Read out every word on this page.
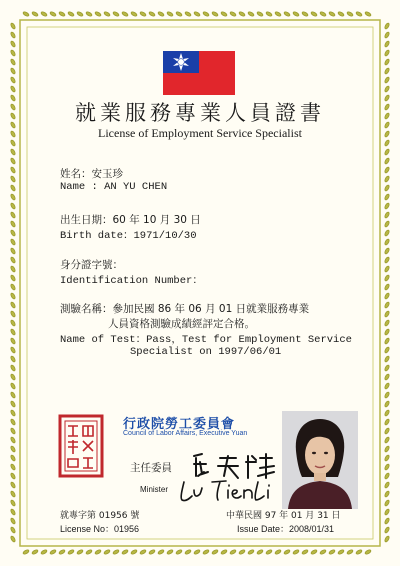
就業服務專業人員證書
License of Employment Service Specialist
姓名：安玉珍
Name : AN YU CHEN
出生日期：60 年 10 月 30 日
Birth date：1971/10/30
身分證字號：
Identification Number：
測驗名稱：參加民國 86 年 06 月 01 日就業服務專業
人員資格測驗成績經評定合格。
Name of Test：Pass，Test for Employment Service
Specialist on 1997/06/01
行政院勞工委員會
Council of Labor Affairs, Executive Yuan
主任委員
Minister
就專字第 01956 號
License No：01956
中華民國 97 年 01 月 31 日
Issue Date：2008/01/31
